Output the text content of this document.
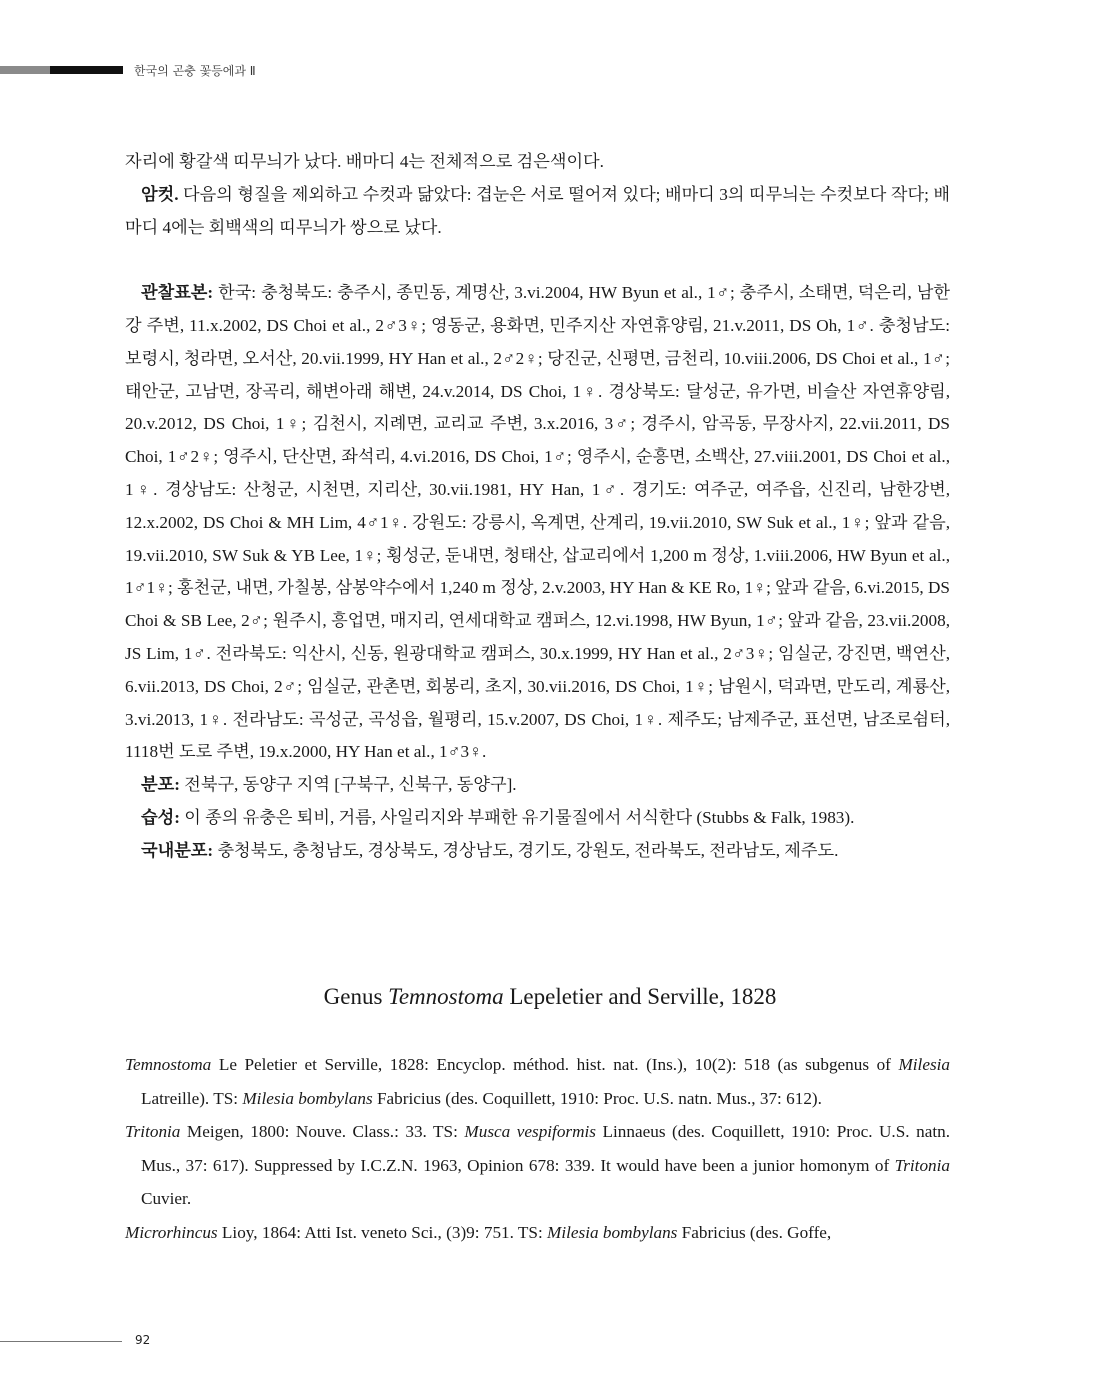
한국의 곤충 꽃등에과 Ⅱ

자리에 황갈색 띠무늬가 났다. 배마디 4는 전체적으로 검은색이다.

암컷. 다음의 형질을 제외하고 수컷과 닮았다: 겹눈은 서로 떨어져 있다; 배마디 3의 띠무늬는 수컷보다 작다; 배마디 4에는 회백색의 띠무늬가 쌍으로 났다.

관찰표본: 한국: 충청북도: 충주시, 종민동, 계명산, 3.vi.2004, HW Byun et al., 1♂; 충주시, 소태면, 덕은리, 남한강 주변, 11.x.2002, DS Choi et al., 2♂3♀; 영동군, 용화면, 민주지산 자연휴양림, 21.v.2011, DS Oh, 1♂. 충청남도: 보령시, 청라면, 오서산, 20.vii.1999, HY Han et al., 2♂2♀; 당진군, 신평면, 금천리, 10.viii.2006, DS Choi et al., 1♂; 태안군, 고남면, 장곡리, 해변아래 해변, 24.v.2014, DS Choi, 1♀. 경상북도: 달성군, 유가면, 비슬산 자연휴양림, 20.v.2012, DS Choi, 1♀; 김천시, 지례면, 교리교 주변, 3.x.2016, 3♂; 경주시, 암곡동, 무장사지, 22.vii.2011, DS Choi, 1♂2♀; 영주시, 단산면, 좌석리, 4.vi.2016, DS Choi, 1♂; 영주시, 순흥면, 소백산, 27.viii.2001, DS Choi et al., 1♀. 경상남도: 산청군, 시천면, 지리산, 30.vii.1981, HY Han, 1♂. 경기도: 여주군, 여주읍, 신진리, 남한강변, 12.x.2002, DS Choi & MH Lim, 4♂1♀. 강원도: 강릉시, 옥계면, 산계리, 19.vii.2010, SW Suk et al., 1♀; 앞과 같음, 19.vii.2010, SW Suk & YB Lee, 1♀; 횡성군, 둔내면, 청태산, 삽교리에서 1,200 m 정상, 1.viii.2006, HW Byun et al., 1♂1♀; 홍천군, 내면, 가칠봉, 삼봉약수에서 1,240 m 정상, 2.v.2003, HY Han & KE Ro, 1♀; 앞과 같음, 6.vi.2015, DS Choi & SB Lee, 2♂; 원주시, 흥업면, 매지리, 연세대학교 캠퍼스, 12.vi.1998, HW Byun, 1♂; 앞과 같음, 23.vii.2008, JS Lim, 1♂. 전라북도: 익산시, 신동, 원광대학교 캠퍼스, 30.x.1999, HY Han et al., 2♂3♀; 임실군, 강진면, 백연산, 6.vii.2013, DS Choi, 2♂; 임실군, 관촌면, 회봉리, 초지, 30.vii.2016, DS Choi, 1♀; 남원시, 덕과면, 만도리, 계룡산, 3.vi.2013, 1♀. 전라남도: 곡성군, 곡성읍, 월평리, 15.v.2007, DS Choi, 1♀. 제주도; 남제주군, 표선면, 남조로쉼터, 1118번 도로 주변, 19.x.2000, HY Han et al., 1♂3♀.

분포: 전북구, 동양구 지역 [구북구, 신북구, 동양구].

습성: 이 종의 유충은 퇴비, 거름, 사일리지와 부패한 유기물질에서 서식한다 (Stubbs & Falk, 1983).

국내분포: 충청북도, 충청남도, 경상북도, 경상남도, 경기도, 강원도, 전라북도, 전라남도, 제주도.

Genus Temnostoma Lepeletier and Serville, 1828

Temnostoma Le Peletier et Serville, 1828: Encyclop. méthod. hist. nat. (Ins.), 10(2): 518 (as subgenus of Milesia Latreille). TS: Milesia bombylans Fabricius (des. Coquillett, 1910: Proc. U.S. natn. Mus., 37: 612).

Tritonia Meigen, 1800: Nouve. Class.: 33. TS: Musca vespiformis Linnaeus (des. Coquillett, 1910: Proc. U.S. natn. Mus., 37: 617). Suppressed by I.C.Z.N. 1963, Opinion 678: 339. It would have been a junior homonym of Tritonia Cuvier.

Microrhincus Lioy, 1864: Atti Ist. veneto Sci., (3)9: 751. TS: Milesia bombylans Fabricius (des. Goffe,

92
